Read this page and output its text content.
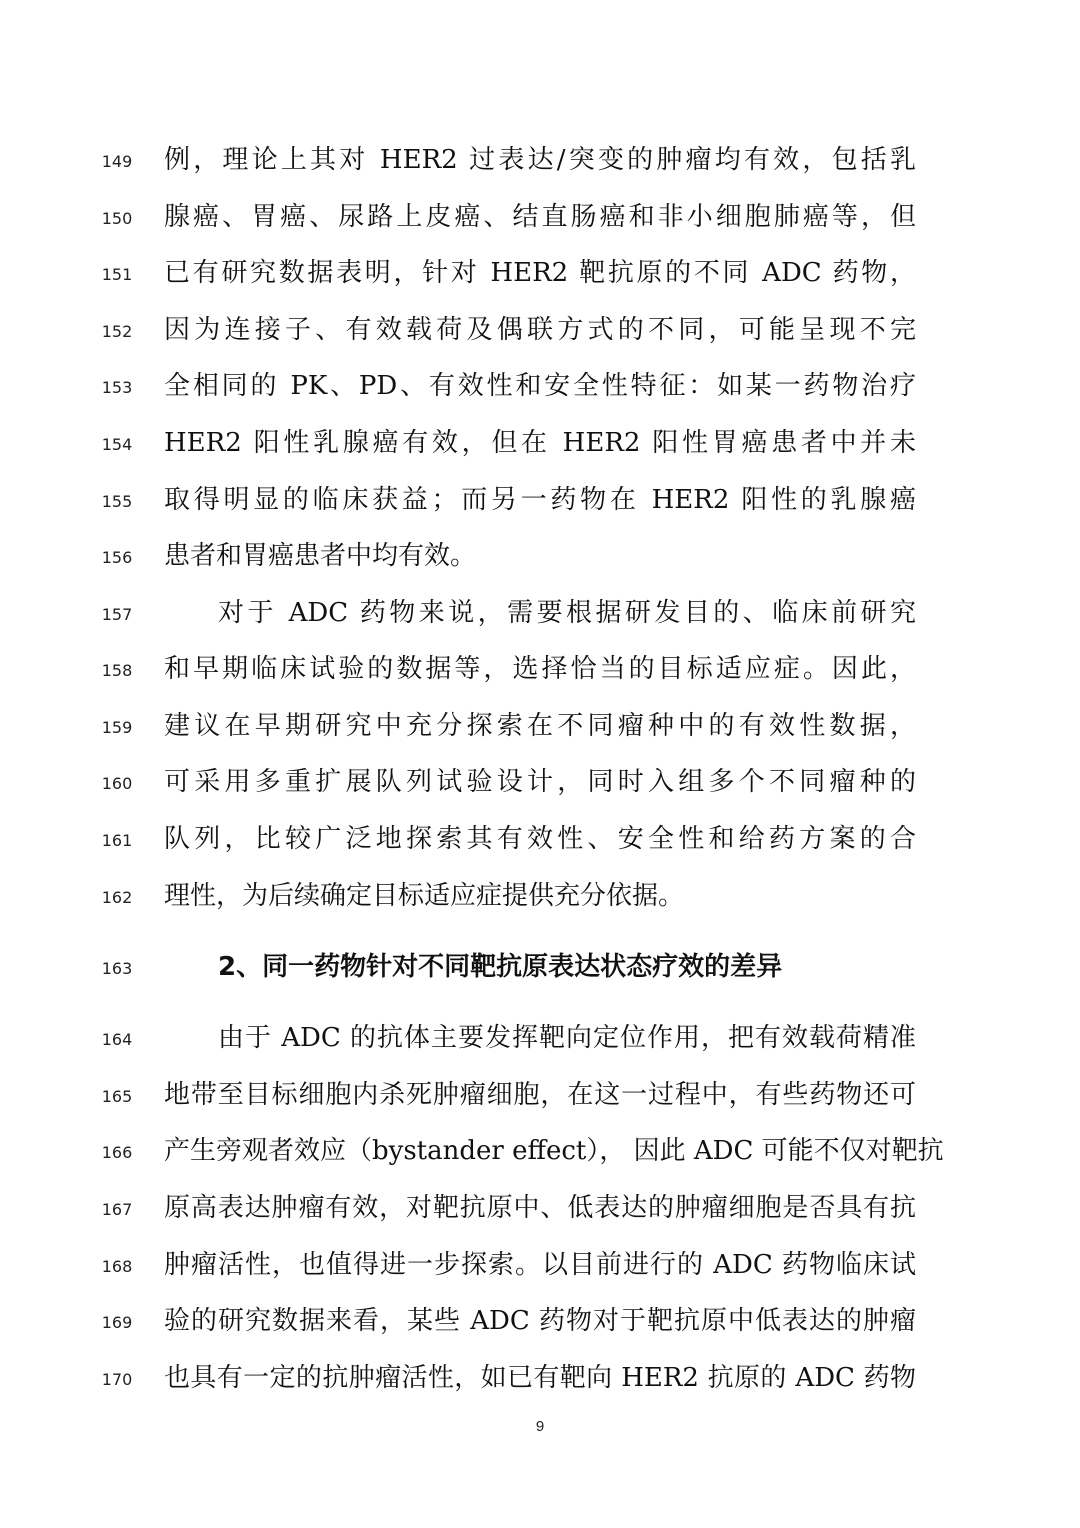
149 例，理论上其对 HER2 过表达/突变的肿瘤均有效，包括乳
150 腺癌、胃癌、尿路上皮癌、结直肠癌和非小细胞肺癌等，但
151 已有研究数据表明，针对 HER2 靶抗原的不同 ADC 药物，
152 因为连接子、有效载荷及偶联方式的不同，可能呈现不完
153 全相同的 PK、PD、有效性和安全性特征：如某一药物治疗
154 HER2 阳性乳腺癌有效，但在 HER2 阳性胃癌患者中并未
155 取得明显的临床获益；而另一药物在 HER2 阳性的乳腺癌
156 患者和胃癌患者中均有效。
157	对于 ADC 药物来说，需要根据研发目的、临床前研究
158 和早期临床试验的数据等，选择恰当的目标适应症。因此，
159 建议在早期研究中充分探索在不同瘤种中的有效性数据，
160 可采用多重扩展队列试验设计，同时入组多个不同瘤种的
161 队列，比较广泛地探索其有效性、安全性和给药方案的合
162 理性，为后续确定目标适应症提供充分依据。
163	2、同一药物针对不同靶抗原表达状态疗效的差异
164	由于 ADC 的抗体主要发挥靶向定位作用，把有效载荷精准
165 地带至目标细胞内杀死肿瘤细胞，在这一过程中，有些药物还可
166 产生旁观者效应（bystander effect）， 因此 ADC 可能不仅对靶抗
167 原高表达肿瘤有效，对靶抗原中、低表达的肿瘤细胞是否具有抗
168 肿瘤活性，也值得进一步探索。以目前进行的 ADC 药物临床试
169 验的研究数据来看，某些 ADC 药物对于靶抗原中低表达的肿瘤
170 也具有一定的抗肿瘤活性，如已有靶向 HER2 抗原的 ADC 药物
9
